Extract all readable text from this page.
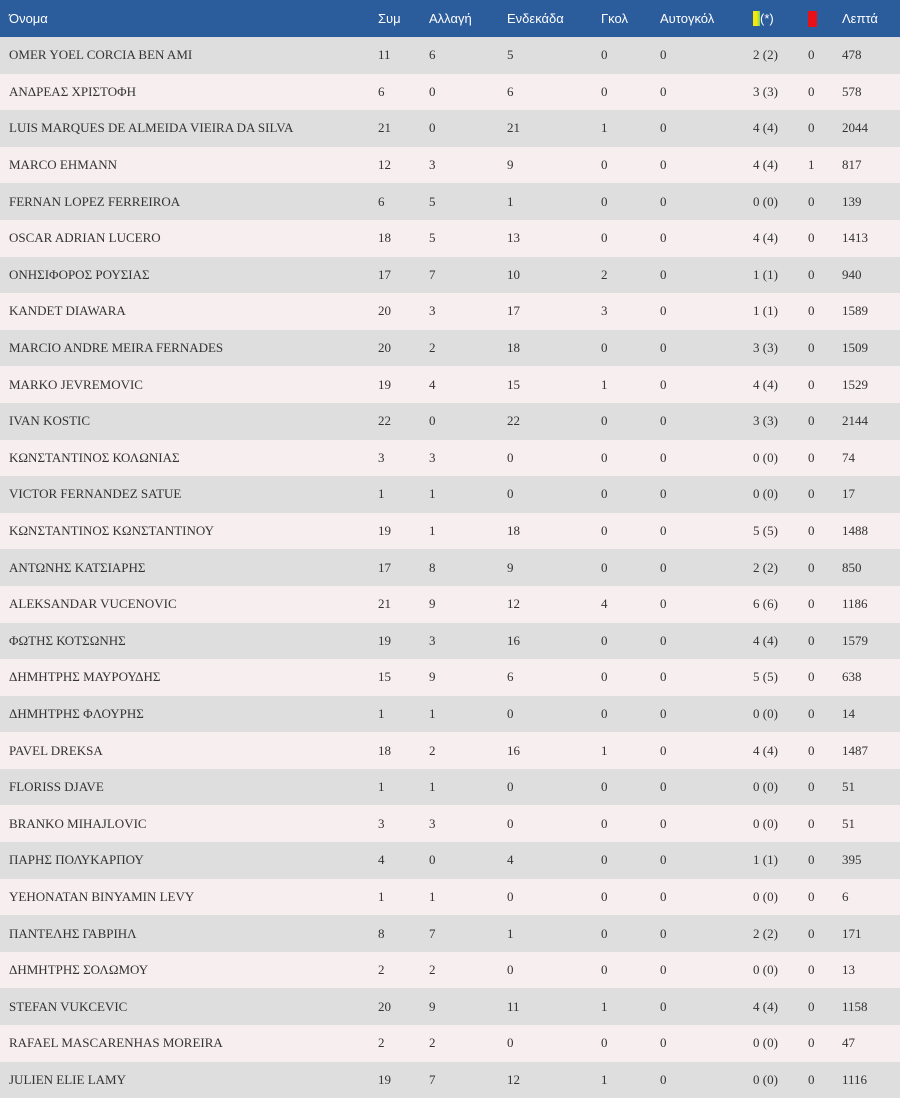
Όνομα	Συμ	Αλλαγή	Ενδεκάδα	Γκολ	Αυτογκόλ	(*)		Λεπτά
OMER YOEL CORCIA BEN AMI	11	6	5	0	0	2 (2)	0	478
ΑΝΔΡΕΑΣ ΧΡΙΣΤΟΦΗ	6	0	6	0	0	3 (3)	0	578
LUIS MARQUES DE ALMEIDA VIEIRA DA SILVA	21	0	21	1	0	4 (4)	0	2044
MARCO EHMANN	12	3	9	0	0	4 (4)	1	817
FERNAN LOPEZ FERREIROA	6	5	1	0	0	0 (0)	0	139
OSCAR ADRIAN LUCERO	18	5	13	0	0	4 (4)	0	1413
ΟΝΗΣΙΦΟΡΟΣ ΡΟΥΣΙΑΣ	17	7	10	2	0	1 (1)	0	940
KANDET DIAWARA	20	3	17	3	0	1 (1)	0	1589
MARCIO ANDRE MEIRA FERNADES	20	2	18	0	0	3 (3)	0	1509
MARKO JEVREMOVIC	19	4	15	1	0	4 (4)	0	1529
IVAN KOSTIC	22	0	22	0	0	3 (3)	0	2144
ΚΩΝΣΤΑΝΤΙΝΟΣ ΚΟΛΩΝΙΑΣ	3	3	0	0	0	0 (0)	0	74
VICTOR FERNANDEZ SATUE	1	1	0	0	0	0 (0)	0	17
ΚΩΝΣΤΑΝΤΙΝΟΣ ΚΩΝΣΤΑΝΤΙΝΟΥ	19	1	18	0	0	5 (5)	0	1488
ΑΝΤΩΝΗΣ ΚΑΤΣΙΑΡΗΣ	17	8	9	0	0	2 (2)	0	850
ALEKSANDAR VUCENOVIC	21	9	12	4	0	6 (6)	0	1186
ΦΩΤΗΣ ΚΟΤΣΩΝΗΣ	19	3	16	0	0	4 (4)	0	1579
ΔΗΜΗΤΡΗΣ ΜΑΥΡΟΥΔΗΣ	15	9	6	0	0	5 (5)	0	638
ΔΗΜΗΤΡΗΣ ΦΛΟΥΡΗΣ	1	1	0	0	0	0 (0)	0	14
PAVEL DREKSA	18	2	16	1	0	4 (4)	0	1487
FLORISS DJAVE	1	1	0	0	0	0 (0)	0	51
BRANKO MIHAJLOVIC	3	3	0	0	0	0 (0)	0	51
ΠΑΡΗΣ ΠΟΛΥΚΑΡΠΟΥ	4	0	4	0	0	1 (1)	0	395
YEHONATAN BINYAMIN LEVY	1	1	0	0	0	0 (0)	0	6
ΠΑΝΤΕΛΗΣ ΓΑΒΡΙΗΛ	8	7	1	0	0	2 (2)	0	171
ΔΗΜΗΤΡΗΣ ΣΟΛΩΜΟΥ	2	2	0	0	0	0 (0)	0	13
STEFAN VUKCEVIC	20	9	11	1	0	4 (4)	0	1158
RAFAEL MASCARENHAS MOREIRA	2	2	0	0	0	0 (0)	0	47
JULIEN ELIE LAMY	19	7	12	1	0	0 (0)	0	1116
